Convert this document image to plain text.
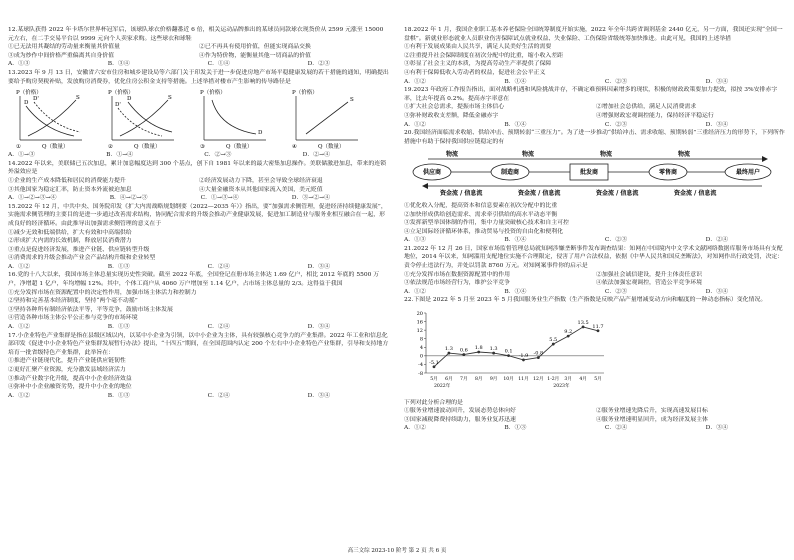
12.某球队获得 2022 年卡塔尔世界杯冠军后，该球队球衣价格翻番近 6 倍，相关运动品牌推出的某球员同款球衣现货价从 2599 元涨至 15000 元左右，在二手交易平台以 9999 元向个人卖家求购。这些球衣和球鞋

①已无法用其凝结的劳动量来衡量其价值量	②已不再具有使用价值，但能实现商品交换
③成为炒作中间价格严重偏离其自身价值	④作为特价物，能衡量其他一切商品的价值
A．①③	B．③④	C．①④	D．②③

13.2023 年 9 月 13 日，安徽省六安市住房和城乡建设局等六部门关于印发关于进一步促进房地产市场平稳健康发展的若干措施的通知，明确提出要给予购房契税补贴，发放购房消费券，优化住房公积金支持等措施。上述举措对楼市产生影响的传导路径是

P（价格）
D
D'	S
Q（数量）
①
P（价格）
D
D'
S
Q（数量）
②
P（价格）
D
Q（数量）
③
P（价格）
S
Q（数量）
④
A．①→③	B．①→④	C．②→③	D．②→④

14.2022 年以来，美联储已五次加息，累计加息幅度达到 300 个基点，创下自 1981 年以来的最大密集加息操作。美联储激进加息，带来的连锁外溢效应是

①企业的生产成本降低和居民的消费能力提升	②经济发展动力下降，甚至会导致全球经济衰退
③其他国家为稳定汇率，防止资本外流被迫加息	④大量金融资本从其他国家流入美国，美元贬值
A．①→②→③→④	B．④→②→③	C．①→③→④	D．③→②→④

15.2022 年 12 月，中共中央、国务院印发《扩大内需战略规划纲要（2022—2035 年）》指出，要“加强需求侧管理，促进经济持续健康发展”，实施需求侧管理的主要目的是进一步通过改善需求结构，协同配合需求的升级会推动产业健康发展，促进加工制造业与服务业相互融合在一起，形成良好的经济循环。由此推导出加强需求侧管理的意义在于

①减少无效和低端供给，扩大有效和中高端供给

②形成扩大内需的长效机制，释放居民消费潜力

③重点是促进经济发展，推进产业链、供应链转型升级

④消费需求的升级会推动产业会产品结构升级和企业转型

A．①②	B．①③	C．②④	D．③④

16.党的十八大以来，我国市场主体总量实现历史性突破。截至 2022 年底，全国登记在册市场主体达 1.69 亿户，相比 2012 年底的 5500 万户，净增超 1 亿户，年均增幅 12%。其中，个体工商户从 4060 万户增加至 1.14 亿户，占市场主体总量的 2/3。这得益于我国

①充分发挥市场在资源配置中的决定性作用，加强市场主体活力和控制力

②坚持和完善基本经济制度，坚持“两个毫不动摇”

③坚持各种所有制经济依法平等，平等竞争，鼓励市场主体发展

④营造各种市场主体公平公正参与竞争的市场环境

A．①②	B．①③	C．②④	D．③④

17.小企业特色产业集群是指在县级区域以内，以某中小企业为引领，以中小企业为主体，具有较强核心竞争力的产业集群。2022 年工业和信息化部印发《促进中小企业特色产业集群发展暂行办法》提出，“十四五”期间，在全国范围内认定 200 个左右中小企业特色产业集群，引导和支持地方培育一批省级特色产业集群，此举旨在：

①推进产业链现代化，提升产业链供应链韧性

②更好汇聚产业资源，充分激发县域经济活力

③推动产业数字化升级，提高中小企业经济效益

④弥补中小企业融资劣势，提升中小企业的地位

A．①②	B．①③	C．②④	D．③④

18.2022 年 1 月，我国企业职工基本养老保险全国统筹制度开始实施，2022 年全年共跨省调剂基金 2440 亿元，另一方面，我国还实现“全国一盘棋”。新就业形态就业人员职业伤害保障试点就业权益、失业保险、工伤保险省级统筹加快推进。由此可见，我国的上述举措

①有利于发展成果由人民共享，满足人民美好生活的需要

②注重提升社会保障制度在初次分配中的比重，缩小收入差距

③彰显了社会主义的本质，为提高劳动生产率提供了保障

④有利于保障低收入劳动者的权益，促进社会公平正义

A．①②	B．①④	C．②③	D．③④

19.2023 年政府工作报告指出，面对战略机遇和风险挑战并存，不确定难预料因素增多的现状，积极的财政政策要加力提效，拟按 3%安排赤字率，比去年提高 0.2%。提高赤字率意在

①扩大社会总需求，提振市场主体信心	②增加社会总供给，满足人民消费需求
③弥补财政收支差额，降低金融赤字	④增强财政宏观调控能力，保持经济平稳运行
A．①②	B．①④	C．②③	D．③④

20.我国经济面临需求收缩、供给冲击、预期转弱“三重压力”。为了进一步推动“供给冲击、需求收缩、预期转弱”三重经济压力的形势下，下列所作措施中有助于保持我国供应链稳定的有

物流	物流	物流	物流
供应商	制造商	批发商	零售商	最终用户
资金流 / 信息流	资金流 / 信息流	资金流 / 信息流	资金流 / 信息流

①优化收入分配，提高资本和信息要素在初次分配中的比重

②加快形成供给创造需求、需求牵引供给的高水平动态平衡

③发挥新型举国体制的作用，集中力量突破核心技术和自主可控

④立足国际经济循环体系，推动贸易与投资的自由化和便利化

A．①③	B．①④	C．②③	D．②④

21.2022 年 12 月 26 日，国家市场监督管理总局就知网涉嫌垄断事件发布调查结果：知网在中国境内中文学术文献网络数据库服务市场具有支配地位，2014 年以来，知网滥用支配地位实施不合理限定，侵害了用户合法权益，依据《中华人民共和国反垄断法》，对知网作出行政处罚，决定：责令停止违法行为，并处以罚款 8760 万元。对知网案事件你的启示是

①充分发挥市场在数据资源配置中的作用	②加强社会诚信建设，提升主体责任意识
③依法规范市场经营行为，维护公平竞争	④依法加强宏观调控，营造公平竞争环境
A．①②	B．①④	C．②③	D．③④

22.下图是 2022 年 5 月至 2023 年 5 月我国服务业生产指数（生产指数是反映产品产量增减变动方向和幅度的一种动态指标）变化情况。

-8
-4
0
4
8
12
16
20
-5.1
5月
1.3
6月
0.6
7月
1.8
8月
1.3
9月
0.1
10月
-1.9
11月
-0.8
12月
5.5
1-2月
9.2
3月
13.5
4月
11.7
5月
2022年	2023年

下列对此分析合理的是

①服务业增速波动回升，发展态势总体向好	②服务业增速先降后升，实现高速发展目标
③国家减税降费持续助力，服务业复苏迅速	④服务业增速明显回升，成为经济发展主体
A．①②	B．①③	C．②④	D．③④
高三文综 2023-10 阶考 第 2 页 共 6 页
